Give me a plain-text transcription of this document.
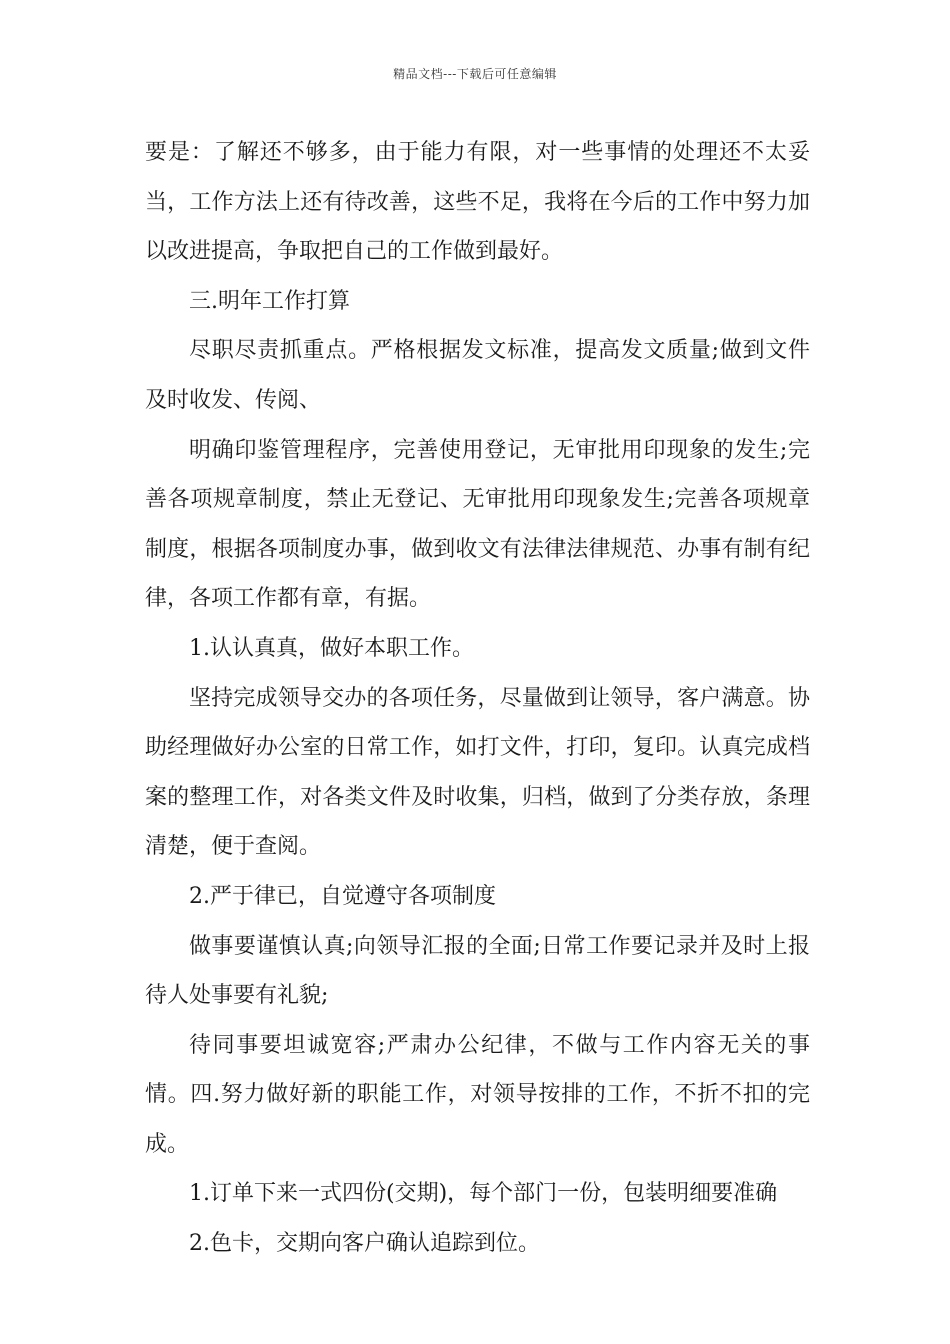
精品文档---下载后可任意编辑

要是：了解还不够多，由于能力有限，对一些事情的处理还不太妥当，工作方法上还有待改善，这些不足，我将在今后的工作中努力加以改进提高，争取把自己的工作做到最好。

三.明年工作打算

尽职尽责抓重点。严格根据发文标准，提高发文质量;做到文件及时收发、传阅、

明确印鉴管理程序，完善使用登记，无审批用印现象的发生;完善各项规章制度，禁止无登记、无审批用印现象发生;完善各项规章制度，根据各项制度办事，做到收文有法律法律规范、办事有制有纪律，各项工作都有章，有据。

1.认认真真，做好本职工作。

坚持完成领导交办的各项任务，尽量做到让领导，客户满意。协助经理做好办公室的日常工作，如打文件，打印，复印。认真完成档案的整理工作，对各类文件及时收集，归档，做到了分类存放，条理清楚，便于查阅。

2.严于律已，自觉遵守各项制度

做事要谨慎认真;向领导汇报的全面;日常工作要记录并及时上报待人处事要有礼貌;

待同事要坦诚宽容;严肃办公纪律，不做与工作内容无关的事情。四.努力做好新的职能工作，对领导按排的工作，不折不扣的完成。

1.订单下来一式四份(交期)，每个部门一份，包装明细要准确

2.色卡，交期向客户确认追踪到位。
